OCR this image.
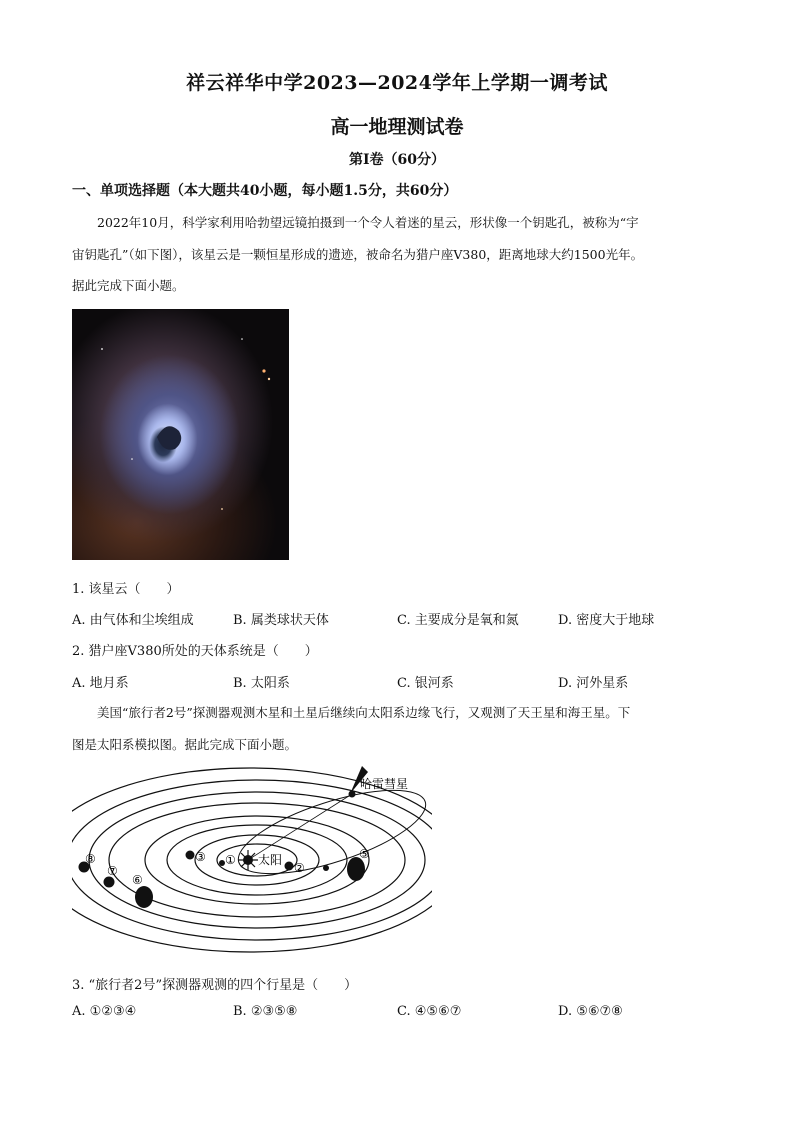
祥云祥华中学2023—2024学年上学期一调考试
高一地理测试卷
第Ⅰ卷（60分）
一、单项选择题（本大题共40小题，每小题1.5分，共60分）
2022年10月，科学家利用哈勃望远镜拍摄到一个令人着迷的星云，形状像一个钥匙孔，被称为“宇
宙钥匙孔”（如下图），该星云是一颗恒星形成的遗迹，被命名为猎户座V380，距离地球大约1500光年。
据此完成下面小题。
1. 该星云（　　）
A. 由气体和尘埃组成	B. 属类球状天体	C. 主要成分是氧和氮	D. 密度大于地球
2. 猎户座V380所处的天体系统是（　　）
A. 地月系	B. 太阳系	C. 银河系	D. 河外星系
美国“旅行者2号”探测器观测木星和土星后继续向太阳系边缘飞行，又观测了天王星和海王星。下
图是太阳系模拟图。据此完成下面小题。
太阳
①
②
③
④
⑤
⑥
⑦
⑧
哈雷彗星
3. “旅行者2号”探测器观测的四个行星是（　　）
A. ①②③④	B. ②③⑤⑧	C. ④⑤⑥⑦	D. ⑤⑥⑦⑧
